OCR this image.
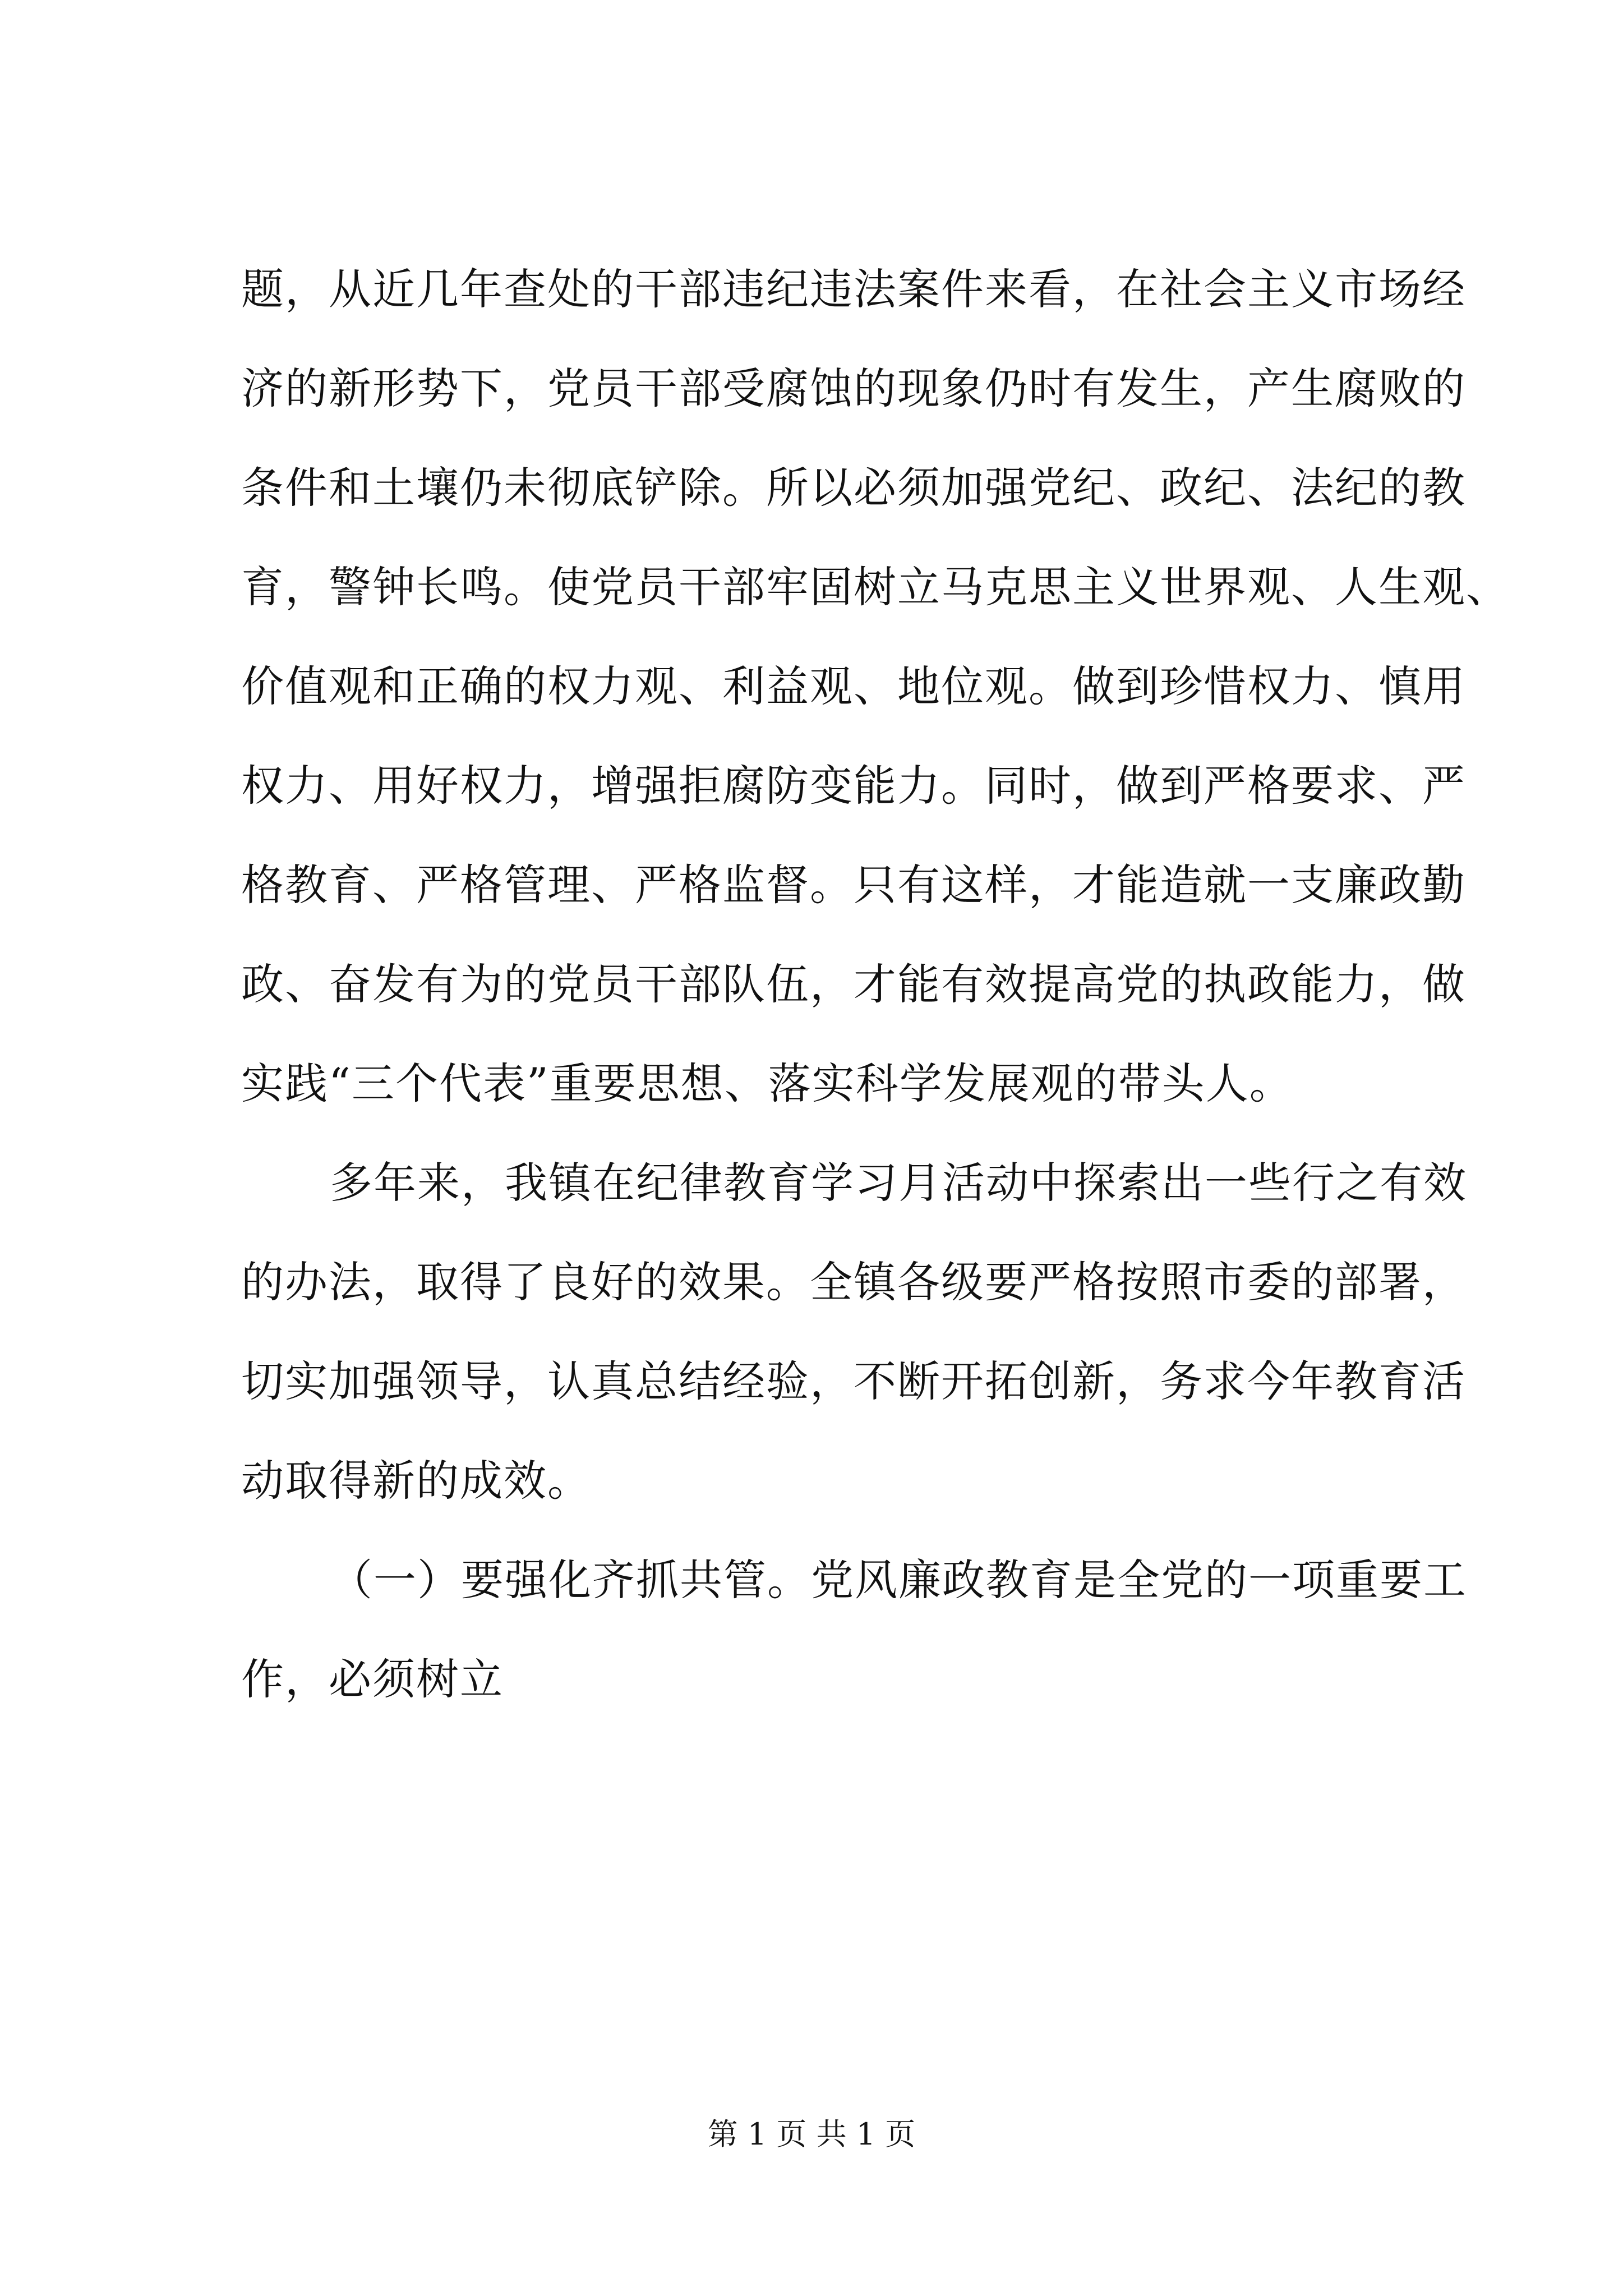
题，从近几年查处的干部违纪违法案件来看，在社会主义市场经
济的新形势下，党员干部受腐蚀的现象仍时有发生，产生腐败的
条件和土壤仍未彻底铲除。所以必须加强党纪、政纪、法纪的教
育，警钟长鸣。使党员干部牢固树立马克思主义世界观、人生观、
价值观和正确的权力观、利益观、地位观。做到珍惜权力、慎用
权力、用好权力，增强拒腐防变能力。同时，做到严格要求、严
格教育、严格管理、严格监督。只有这样，才能造就一支廉政勤
政、奋发有为的党员干部队伍，才能有效提高党的执政能力，做
实践“三个代表”重要思想、落实科学发展观的带头人。
多年来，我镇在纪律教育学习月活动中探索出一些行之有效
的办法，取得了良好的效果。全镇各级要严格按照市委的部署，
切实加强领导，认真总结经验，不断开拓创新，务求今年教育活
动取得新的成效。
（一）要强化齐抓共管。党风廉政教育是全党的一项重要工
作，必须树立
第 1 页 共 1 页
